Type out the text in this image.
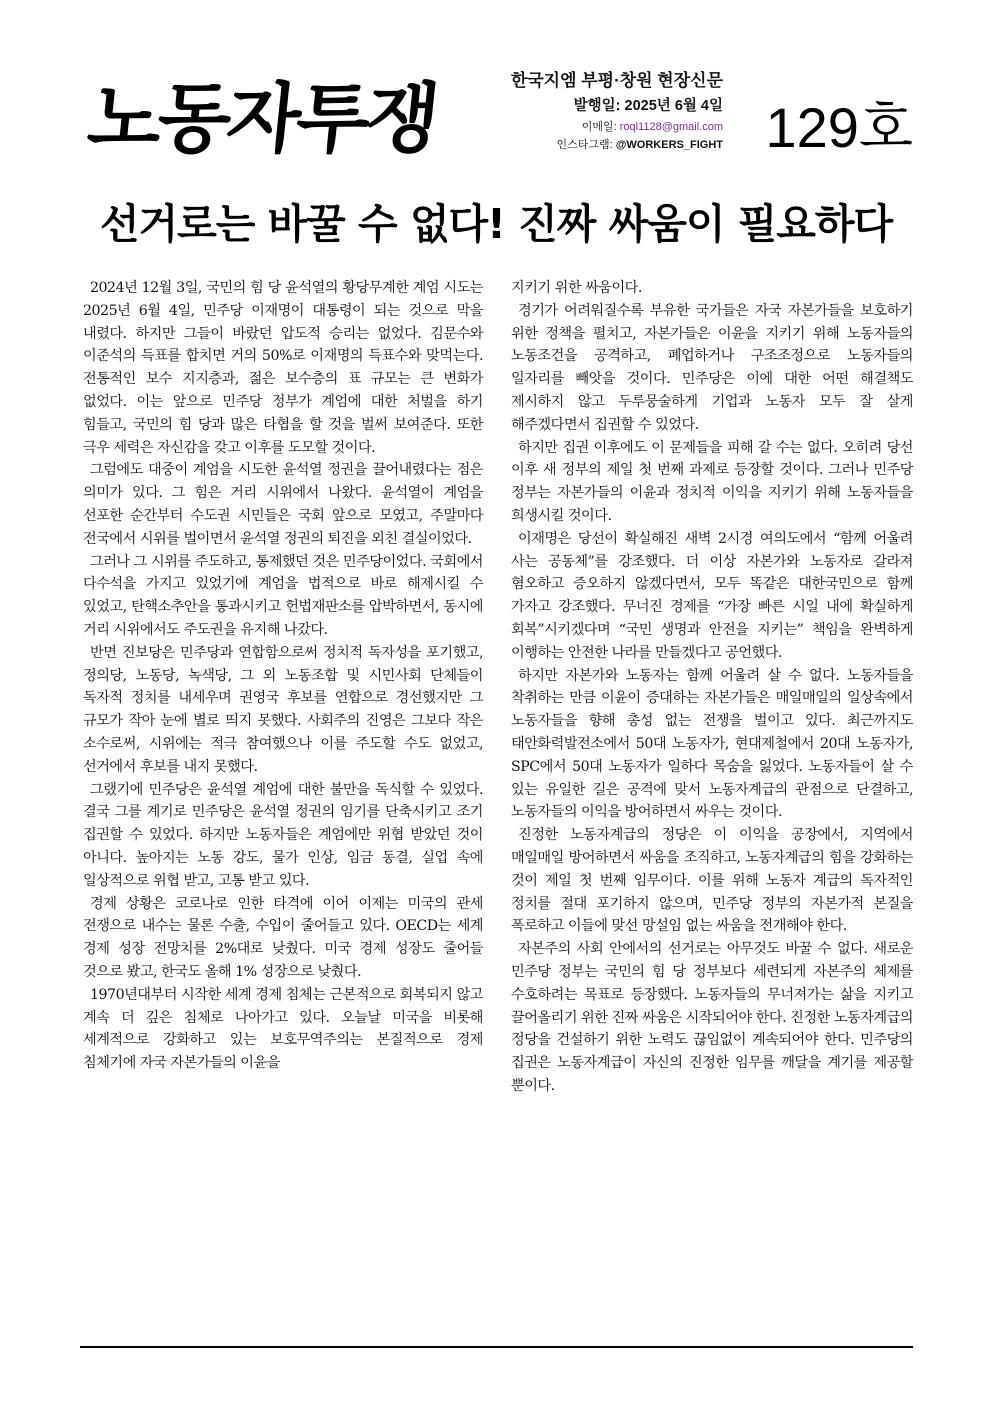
노동자투쟁	한국지엠 부평·창원 현장신문
발행일: 2025년 6월 4일
이메일: roql1128@gmail.com
인스타그램: @WORKERS_FIGHT 129호
선거로는 바꿀 수 없다! 진짜 싸움이 필요하다

2024년 12월 3일, 국민의 힘 당 윤석열의 황당무계한 계엄 시도는 2025년 6월 4일, 민주당 이재명이 대통령이 되는 것으로 막을 내렸다. 하지만 그들이 바랐던 압도적 승리는 없었다. 김문수와 이준석의 득표를 합치면 거의 50%로 이재명의 득표수와 맞먹는다. 전통적인 보수 지지층과, 젊은 보수층의 표 규모는 큰 변화가 없었다. 이는 앞으로 민주당 정부가 계엄에 대한 처벌을 하기 힘들고, 국민의 힘 당과 많은 타협을 할 것을 벌써 보여준다. 또한 극우 세력은 자신감을 갖고 이후를 도모할 것이다.

그럼에도 대중이 계엄을 시도한 윤석열 정권을 끌어내렸다는 점은 의미가 있다. 그 힘은 거리 시위에서 나왔다. 윤석열이 계엄을 선포한 순간부터 수도권 시민들은 국회 앞으로 모였고, 주말마다 전국에서 시위를 벌이면서 윤석열 정권의 퇴진을 외친 결실이었다.

그러나 그 시위를 주도하고, 통제했던 것은 민주당이었다. 국회에서 다수석을 가지고 있었기에 계엄을 법적으로 바로 해제시킬 수 있었고, 탄핵소추안을 통과시키고 헌법재판소를 압박하면서, 동시에 거리 시위에서도 주도권을 유지해 나갔다.

반면 진보당은 민주당과 연합함으로써 정치적 독자성을 포기했고, 정의당, 노동당, 녹색당, 그 외 노동조합 및 시민사회 단체들이 독자적 정치를 내세우며 권영국 후보를 연합으로 경선했지만 그 규모가 작아 눈에 별로 띄지 못했다. 사회주의 진영은 그보다 작은 소수로써, 시위에는 적극 참여했으나 이를 주도할 수도 없었고, 선거에서 후보를 내지 못했다.

그랬기에 민주당은 윤석열 계엄에 대한 불만을 독식할 수 있었다. 결국 그를 계기로 민주당은 윤석열 정권의 임기를 단축시키고 조기 집권할 수 있었다. 하지만 노동자들은 계엄에만 위협 받았던 것이 아니다. 높아지는 노동 강도, 물가 인상, 임금 동결, 실업 속에 일상적으로 위협 받고, 고통 받고 있다.

경제 상황은 코로나로 인한 타격에 이어 이제는 미국의 관세 전쟁으로 내수는 물론 수출, 수입이 줄어들고 있다. OECD는 세계 경제 성장 전망치를 2%대로 낮췄다. 미국 경제 성장도 줄어들 것으로 봤고, 한국도 올해 1% 성장으로 낮췄다.

1970년대부터 시작한 세계 경제 침체는 근본적으로 회복되지 않고 계속 더 깊은 침체로 나아가고 있다. 오늘날 미국을 비롯해 세계적으로 강화하고 있는 보호무역주의는 본질적으로 경제 침체기에 자국 자본가들의 이윤을

지키기 위한 싸움이다.

경기가 어려워질수록 부유한 국가들은 자국 자본가들을 보호하기 위한 정책을 펼치고, 자본가들은 이윤을 지키기 위해 노동자들의 노동조건을 공격하고, 폐업하거나 구조조정으로 노동자들의 일자리를 빼앗을 것이다. 민주당은 이에 대한 어떤 해결책도 제시하지 않고 두루뭉술하게 기업과 노동자 모두 잘 살게 해주겠다면서 집권할 수 있었다.

하지만 집권 이후에도 이 문제들을 피해 갈 수는 없다. 오히려 당선 이후 새 정부의 제일 첫 번째 과제로 등장할 것이다. 그러나 민주당 정부는 자본가들의 이윤과 정치적 이익을 지키기 위해 노동자들을 희생시킬 것이다.

이재명은 당선이 확실해진 새벽 2시경 여의도에서 “함께 어울려 사는 공동체”를 강조했다. 더 이상 자본가와 노동자로 갈라져 혐오하고 증오하지 않겠다면서, 모두 똑같은 대한국민으로 함께 가자고 강조했다. 무너진 경제를 “가장 빠른 시일 내에 확실하게 회복”시키겠다며 “국민 생명과 안전을 지키는” 책임을 완벽하게 이행하는 안전한 나라를 만들겠다고 공언했다.

하지만 자본가와 노동자는 함께 어울려 살 수 없다. 노동자들을 착취하는 만큼 이윤이 증대하는 자본가들은 매일매일의 일상속에서 노동자들을 향해 총성 없는 전쟁을 벌이고 있다. 최근까지도 태안화력발전소에서 50대 노동자가, 현대제철에서 20대 노동자가, SPC에서 50대 노동자가 일하다 목숨을 잃었다. 노동자들이 살 수 있는 유일한 길은 공격에 맞서 노동자계급의 관점으로 단결하고, 노동자들의 이익을 방어하면서 싸우는 것이다.

진정한 노동자계급의 정당은 이 이익을 공장에서, 지역에서 매일매일 방어하면서 싸움을 조직하고, 노동자계급의 힘을 강화하는 것이 제일 첫 번째 임무이다. 이를 위해 노동자 계급의 독자적인 정치를 절대 포기하지 않으며, 민주당 정부의 자본가적 본질을 폭로하고 이들에 맞선 망설임 없는 싸움을 전개해야 한다.

자본주의 사회 안에서의 선거로는 아무것도 바꿀 수 없다. 새로운 민주당 정부는 국민의 힘 당 정부보다 세련되게 자본주의 체제를 수호하려는 목표로 등장했다. 노동자들의 무너져가는 삶을 지키고 끌어올리기 위한 진짜 싸움은 시작되어야 한다. 진정한 노동자계급의 정당을 건설하기 위한 노력도 끊임없이 계속되어야 한다. 민주당의 집권은 노동자계급이 자신의 진정한 임무를 깨달을 계기를 제공할 뿐이다.
